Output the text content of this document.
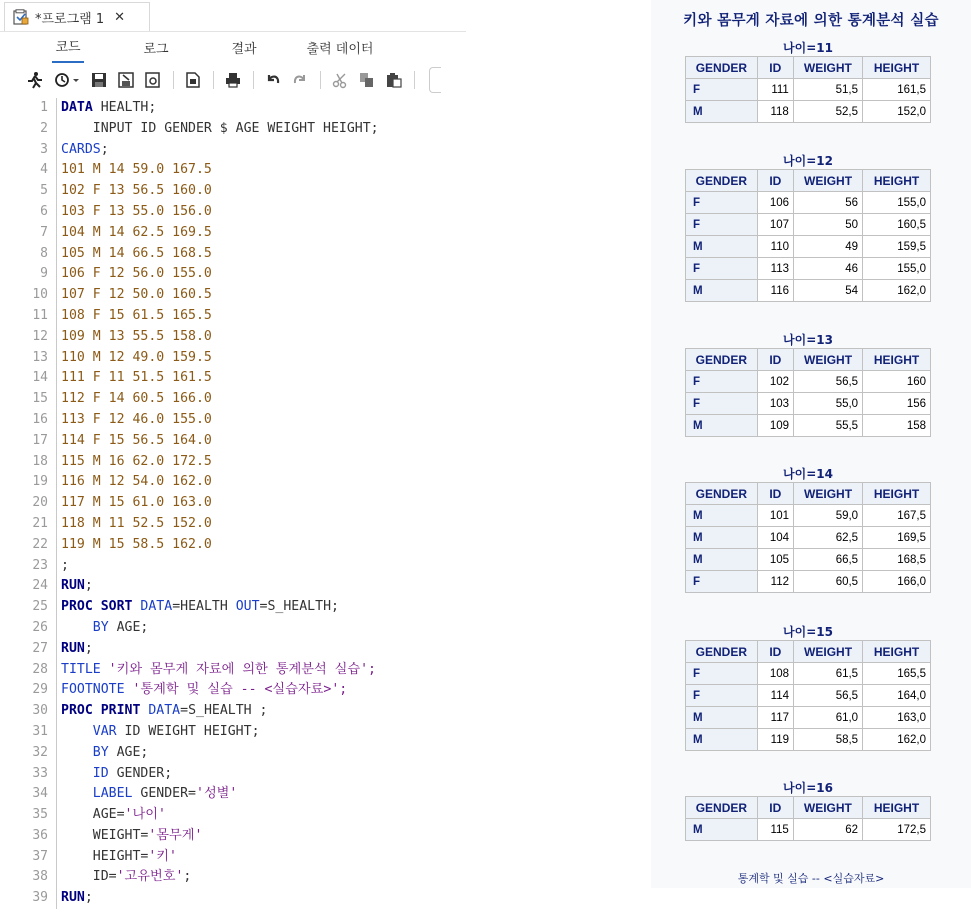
*프로그램 1 ✕
코드	로그	결과	출력 데이터
1 DATA HEALTH;
2 INPUT ID GENDER $ AGE WEIGHT HEIGHT;
3 CARDS;
4 101 M 14 59.0 167.5
5 102 F 13 56.5 160.0
6 103 F 13 55.0 156.0
7 104 M 14 62.5 169.5
8 105 M 14 66.5 168.5
9 106 F 12 56.0 155.0
10 107 F 12 50.0 160.5
11 108 F 15 61.5 165.5
12 109 M 13 55.5 158.0
13 110 M 12 49.0 159.5
14 111 F 11 51.5 161.5
15 112 F 14 60.5 166.0
16 113 F 12 46.0 155.0
17 114 F 15 56.5 164.0
18 115 M 16 62.0 172.5
19 116 M 12 54.0 162.0
20 117 M 15 61.0 163.0
21 118 M 11 52.5 152.0
22 119 M 15 58.5 162.0
23 ;
24 RUN;
25 PROC SORT DATA=HEALTH OUT=S_HEALTH;
26	BY AGE;
27 RUN;
28 TITLE '키와 몸무게 자료에 의한 통계분석 실습';
29 FOOTNOTE '통계학 및 실습 -- <실습자료>';
30 PROC PRINT DATA=S_HEALTH ;
31	VAR ID WEIGHT HEIGHT;
32	BY AGE;
33	ID GENDER;
34	LABEL GENDER='성별'
35 AGE='나이'
36 WEIGHT='몸무게'
37 HEIGHT='키'
38 ID='고유번호';
39 RUN;
키와 몸무게 자료에 의한 통계분석 실습
나이=11
GENDER	ID	WEIGHT	HEIGHT
F	111	51,5	161,5
M	118	52,5	152,0
나이=12
GENDER	ID	WEIGHT	HEIGHT
F	106	56	155,0
F	107	50	160,5
M	110	49	159,5
F	113	46	155,0
M	116	54	162,0
나이=13
GENDER	ID	WEIGHT	HEIGHT
F	102	56,5	160
F	103	55,0	156
M	109	55,5	158
나이=14
GENDER	ID	WEIGHT	HEIGHT
M	101	59,0	167,5
M	104	62,5	169,5
M	105	66,5	168,5
F	112	60,5	166,0
나이=15
GENDER	ID	WEIGHT	HEIGHT
F	108	61,5	165,5
F	114	56,5	164,0
M	117	61,0	163,0
M	119	58,5	162,0
나이=16
GENDER	ID	WEIGHT	HEIGHT
M	115	62	172,5
통계학 및 실습 -- <실습자료>
